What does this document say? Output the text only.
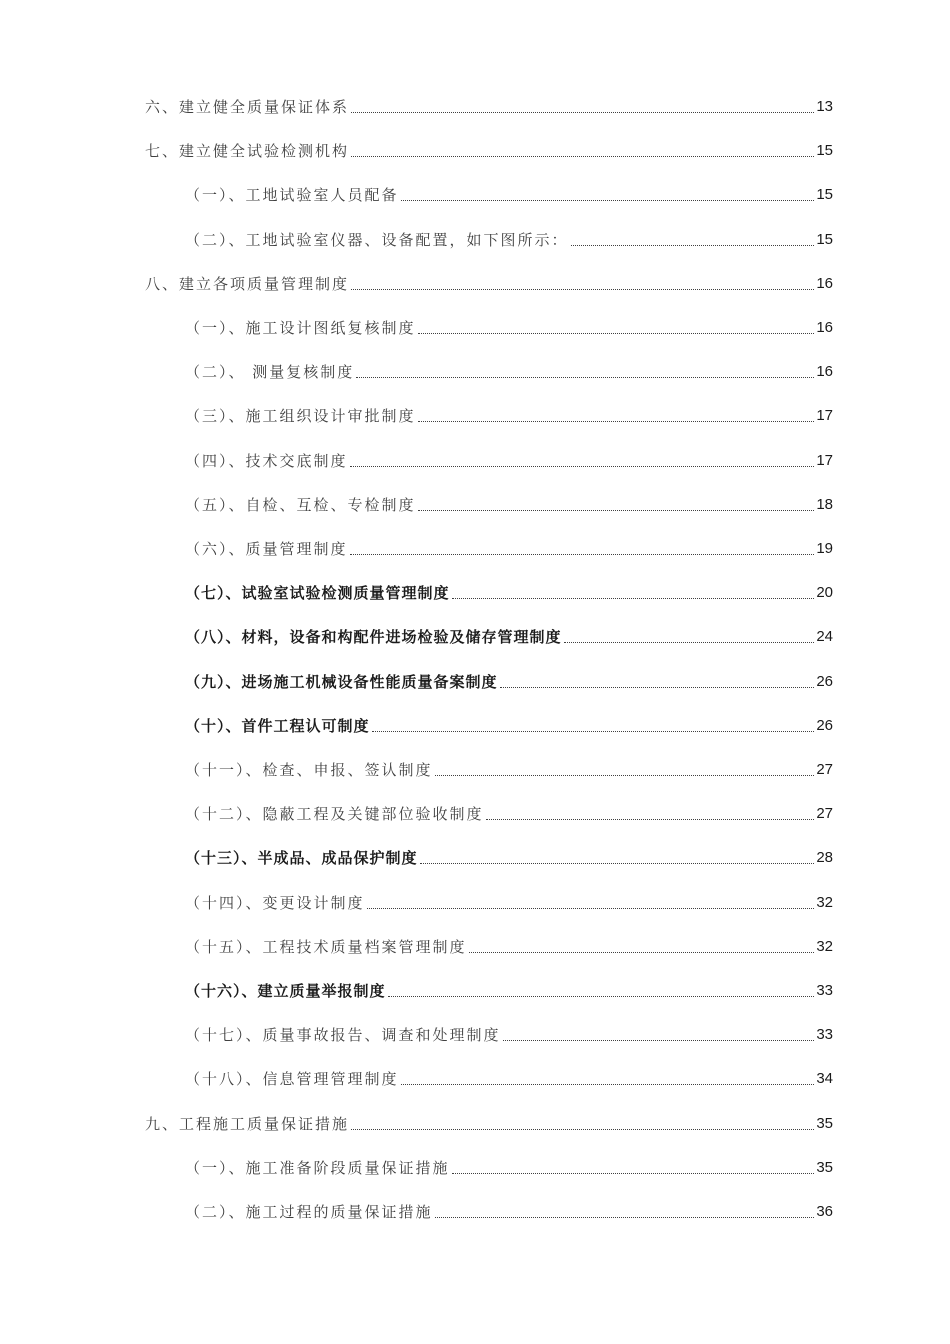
六、建立健全质量保证体系	13
七、建立健全试验检测机构	15
（一）、工地试验室人员配备	15
（二）、工地试验室仪器、设备配置，如下图所示：	15
八、建立各项质量管理制度	16
（一）、施工设计图纸复核制度	16
（二）、 测量复核制度	16
（三）、施工组织设计审批制度	17
（四）、技术交底制度	17
（五）、自检、互检、专检制度	18
（六）、质量管理制度	19
（七）、试验室试验检测质量管理制度	20
（八）、材料，设备和构配件进场检验及储存管理制度	24
（九）、进场施工机械设备性能质量备案制度	26
（十）、首件工程认可制度	26
（十一）、检查、申报、签认制度	27
（十二）、隐蔽工程及关键部位验收制度	27
（十三）、半成品、成品保护制度	28
（十四）、变更设计制度	32
（十五）、工程技术质量档案管理制度	32
（十六）、建立质量举报制度	33
（十七）、质量事故报告、调查和处理制度	33
（十八）、信息管理管理制度	34
九、工程施工质量保证措施	35
（一）、施工准备阶段质量保证措施	35
（二）、施工过程的质量保证措施	36
